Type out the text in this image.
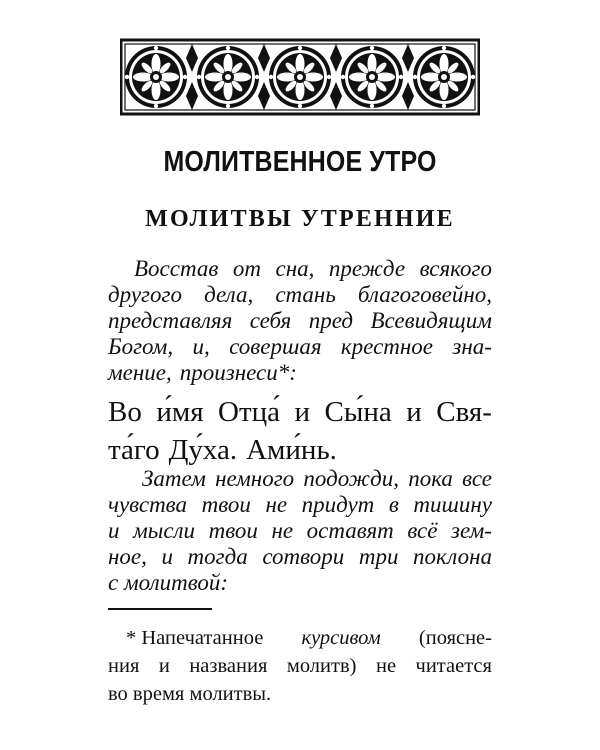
МОЛИТВЕННОЕ УТРО
МОЛИТВЫ УТРЕННИЕ
Восстав от сна, прежде всякого
другого дела, стань благоговейно,
представляя себя пред Всевидящим
Богом, и, совершая крестное зна-
мение, произнеси*:
Во и́мя Отца́ и Сы́на и Свя-
та́го Ду́ха. Ами́нь.
Затем немного подожди, пока все
чувства твои не придут в тишину
и мысли твои не оставят всё зем-
ное, и тогда сотвори три поклона
с молитвой:
* Напечатанное курсивом (поясне-
ния и названия молитв) не читается
во время молитвы.
